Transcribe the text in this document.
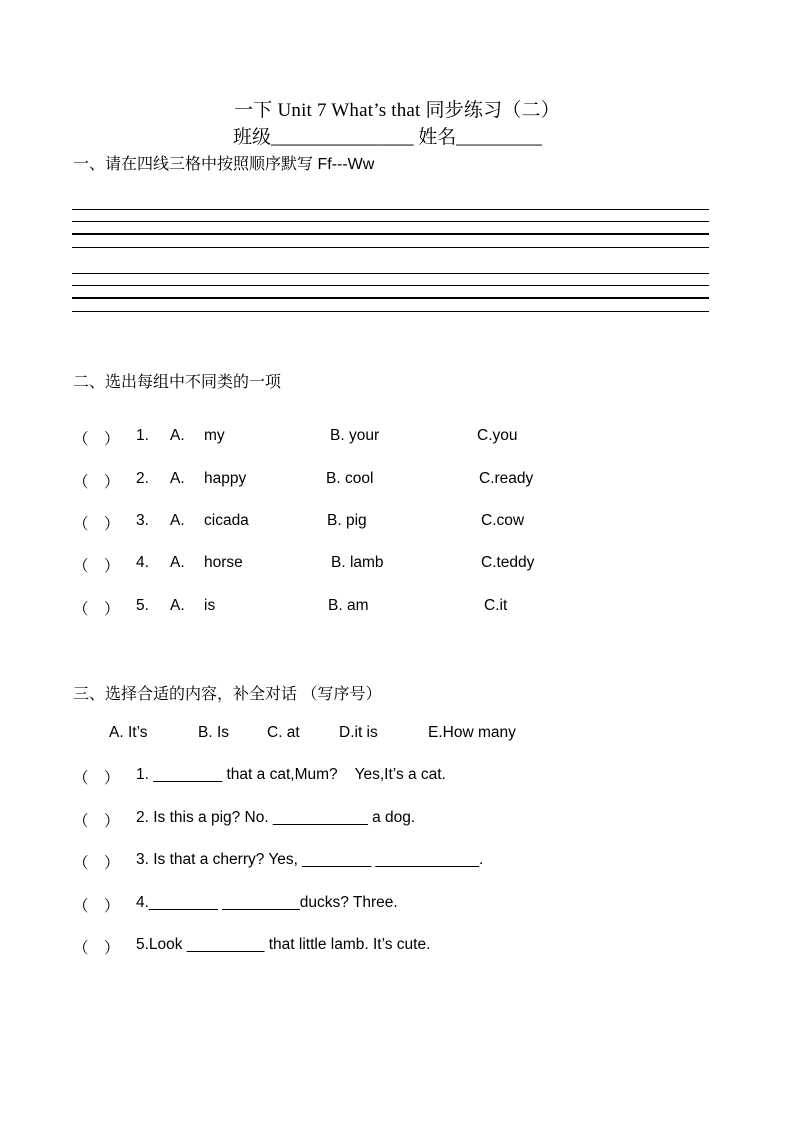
一下 Unit 7 What’s that 同步练习（二）
班级_______________ 姓名_________
一、请在四线三格中按照顺序默写 Ff---Ww
二、选出每组中不同类的一项
（　） 1. A. my	B. your	C.you
（　） 2. A. happy	B. cool	C.ready
（　） 3. A. cicada	B. pig	C.cow
（　） 4. A. horse	B. lamb	C.teddy
（　） 5. A. is	B. am	C.it
三、选择合适的内容，补全对话 （写序号）
A. It’s	B. Is C. at	D.it is	E.How many
（　） 1. ________ that a cat,Mum?    Yes,It’s a cat.
（　） 2. Is this a pig? No. ___________ a dog.
（　） 3. Is that a cherry? Yes, ________ ____________.
（　） 4.________ _________ducks? Three.
（　） 5.Look _________ that little lamb. It’s cute.
